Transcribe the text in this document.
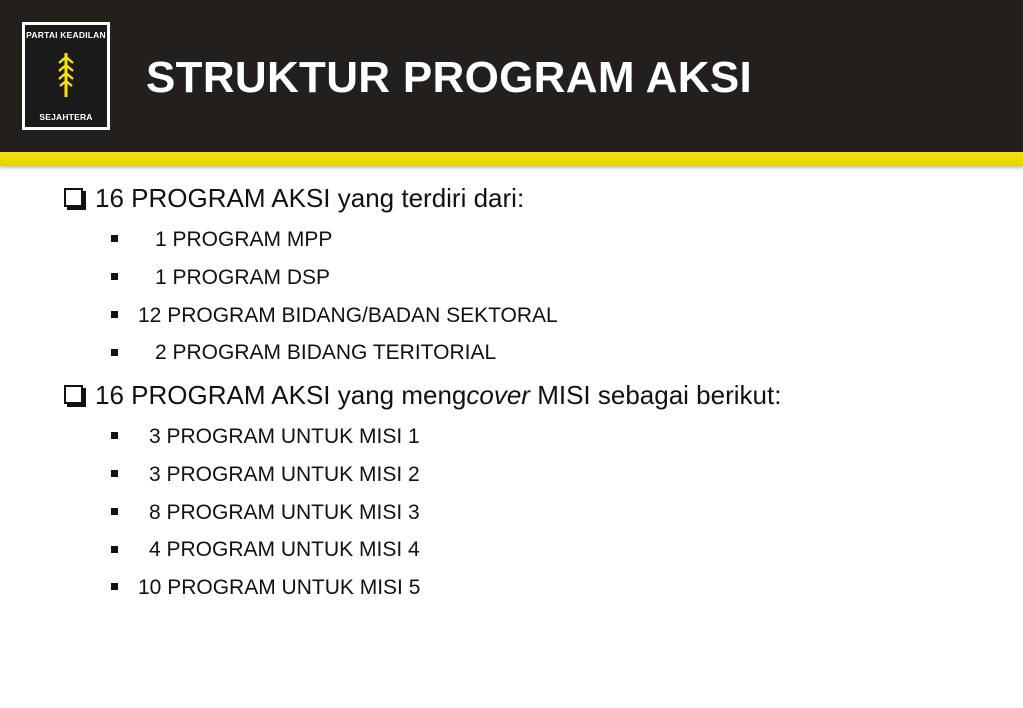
PARTAI KEADILAN
SEJAHTERA
STRUKTUR PROGRAM AKSI
16 PROGRAM AKSI yang terdiri dari:
1 PROGRAM MPP
1 PROGRAM DSP
12 PROGRAM BIDANG/BADAN SEKTORAL
2 PROGRAM BIDANG TERITORIAL
16 PROGRAM AKSI yang mengcover MISI sebagai berikut:
3 PROGRAM UNTUK MISI 1
3 PROGRAM UNTUK MISI 2
8 PROGRAM UNTUK MISI 3
4 PROGRAM UNTUK MISI 4
10 PROGRAM UNTUK MISI 5
